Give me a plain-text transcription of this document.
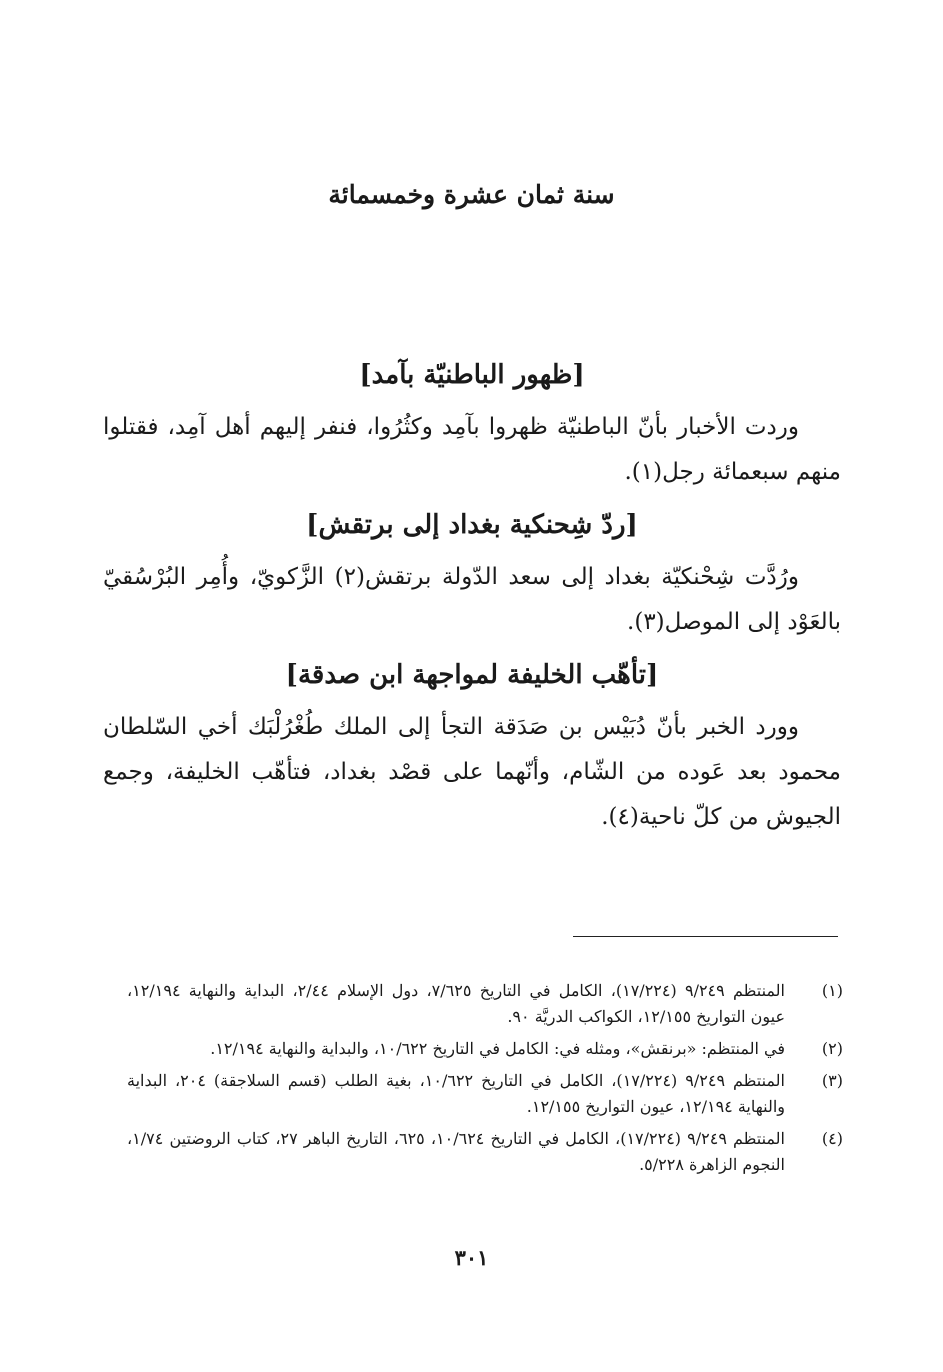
سنة ثمان عشرة وخمسمائة
[ظهور الباطنيّة بآمد]

وردت الأخبار بأنّ الباطنيّة ظهروا بآمِد وكثُرُوا، فنفر إليهم أهل آمِد، فقتلوا منهم سبعمائة رجل(١).

[ردّ شِحنكية بغداد إلى برتقش]

ورُدَّت شِحْنكيّة بغداد إلى سعد الدّولة برتقش(٢) الزَّكويّ، وأُمِر البُرْسُقيّ بالعَوْد إلى الموصل(٣).

[تأهّب الخليفة لمواجهة ابن صدقة]

وورد الخبر بأنّ دُبَيْس بن صَدَقة التجأ إلى الملك طُغْرُلْبَك أخي السّلطان محمود بعد عَوده من الشّام، وأنّهما على قصْد بغداد، فتأهّب الخليفة، وجمع الجيوش من كلّ ناحية(٤).

(١)
المنتظم ٩/٢٤٩ (١٧/٢٢٤)، الكامل في التاريخ ٧/٦٢٥، دول الإسلام ٢/٤٤، البداية والنهاية ١٢/١٩٤، عيون التواريخ ١٢/١٥٥، الكواكب الدريَّة ٩٠.
(٢)
في المنتظم: «برنقش»، ومثله في: الكامل في التاريخ ١٠/٦٢٢، والبداية والنهاية ١٢/١٩٤.
(٣)
المنتظم ٩/٢٤٩ (١٧/٢٢٤)، الكامل في التاريخ ١٠/٦٢٢، بغية الطلب (قسم السلاجقة) ٢٠٤، البداية والنهاية ١٢/١٩٤، عيون التواريخ ١٢/١٥٥.
(٤)
المنتظم ٩/٢٤٩ (١٧/٢٢٤)، الكامل في التاريخ ١٠/٦٢٤، ٦٢٥، التاريخ الباهر ٢٧، كتاب الروضتين ١/٧٤، النجوم الزاهرة ٥/٢٢٨.
٣٠١
